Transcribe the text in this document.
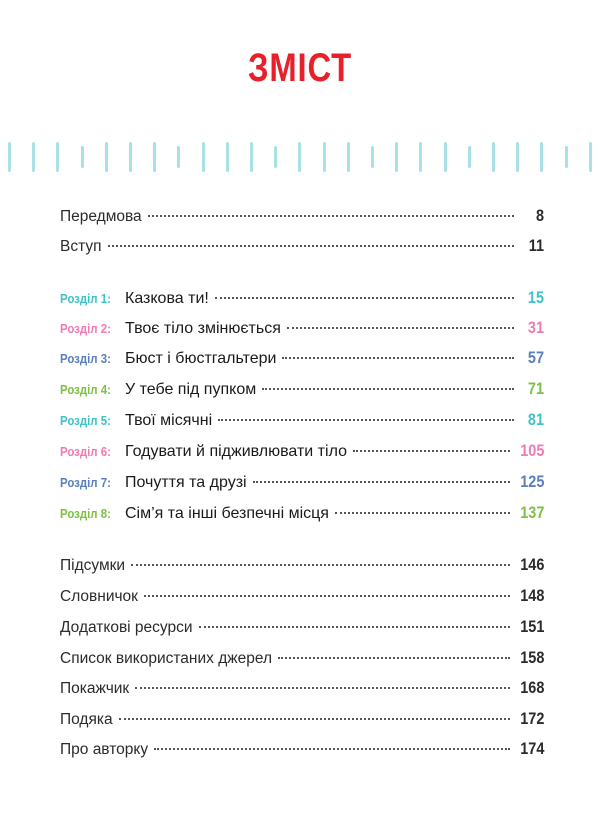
ЗМІСТ
Передмова	8
Вступ	11
Розділ 1: Казкова ти!	15
Розділ 2: Твоє тіло змінюється	31
Розділ 3: Бюст і бюстгальтери	57
Розділ 4: У тебе під пупком	71
Розділ 5: Твої місячні	81
Розділ 6: Годувати й підживлювати тіло	105
Розділ 7: Почуття та друзі	125
Розділ 8: Сім’я та інші безпечні місця	137
Підсумки	146
Словничок	148
Додаткові ресурси	151
Список використаних джерел	158
Покажчик	168
Подяка	172
Про авторку	174
